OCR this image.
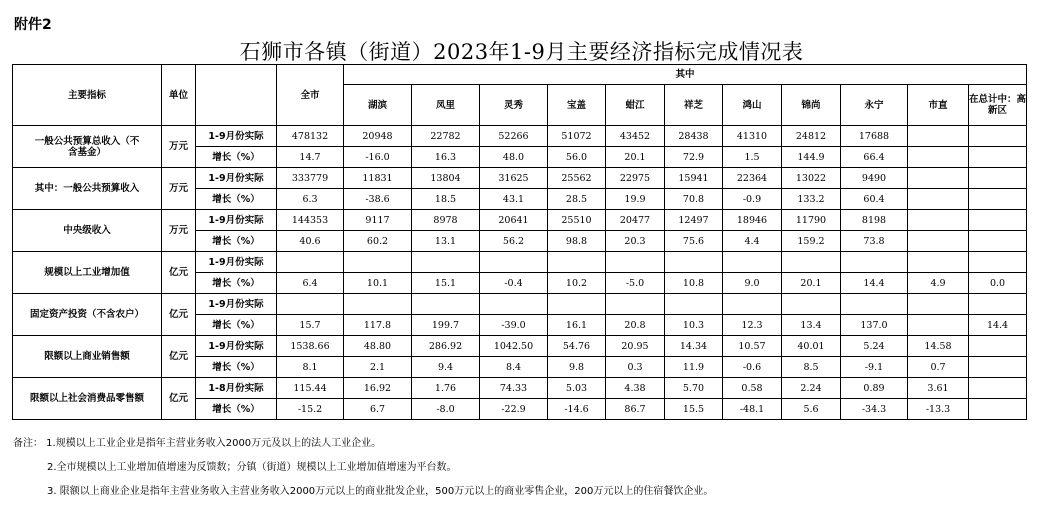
附件2
石狮市各镇（街道）2023年1-9月主要经济指标完成情况表
主要指标	单位		全市	其中										
				湖滨	凤里	灵秀	宝盖	蚶江	祥芝	鸿山	锦尚	永宁	市直	在总计中：高新区
一般公共预算总收入（不含基金）	万元	1-9月份实际	478132	20948	22782	52266	51072	43452	28438	41310	24812	17688		
		增长（%）	14.7	-16.0	16.3	48.0	56.0	20.1	72.9	1.5	144.9	66.4		
其中：一般公共预算收入	万元	1-9月份实际	333779	11831	13804	31625	25562	22975	15941	22364	13022	9490		
		增长（%）	6.3	-38.6	18.5	43.1	28.5	19.9	70.8	-0.9	133.2	60.4		
中央级收入	万元	1-9月份实际	144353	9117	8978	20641	25510	20477	12497	18946	11790	8198		
		增长（%）	40.6	60.2	13.1	56.2	98.8	20.3	75.6	4.4	159.2	73.8		
规模以上工业增加值	亿元	1-9月份实际												
		增长（%）	6.4	10.1	15.1	-0.4	10.2	-5.0	10.8	9.0	20.1	14.4	4.9	0.0
固定资产投资（不含农户）	亿元	1-9月份实际												
		增长（%）	15.7	117.8	199.7	-39.0	16.1	20.8	10.3	12.3	13.4	137.0		14.4
限额以上商业销售额	亿元	1-9月份实际	1538.66	48.80	286.92	1042.50	54.76	20.95	14.34	10.57	40.01	5.24	14.58	
		增长（%）	8.1	2.1	9.4	8.4	9.8	0.3	11.9	-0.6	8.5	-9.1	0.7	
限额以上社会消费品零售额	亿元	1-8月份实际	115.44	16.92	1.76	74.33	5.03	4.38	5.70	0.58	2.24	0.89	3.61	
		增长（%）	-15.2	6.7	-8.0	-22.9	-14.6	86.7	15.5	-48.1	5.6	-34.3	-13.3	
备注： 1.规模以上工业企业是指年主营业务收入2000万元及以上的法人工业企业。
2.全市规模以上工业增加值增速为反馈数；分镇（街道）规模以上工业增加值增速为平台数。
3. 限额以上商业企业是指年主营业务收入主营业务收入2000万元以上的商业批发企业，500万元以上的商业零售企业，200万元以上的住宿餐饮企业。
